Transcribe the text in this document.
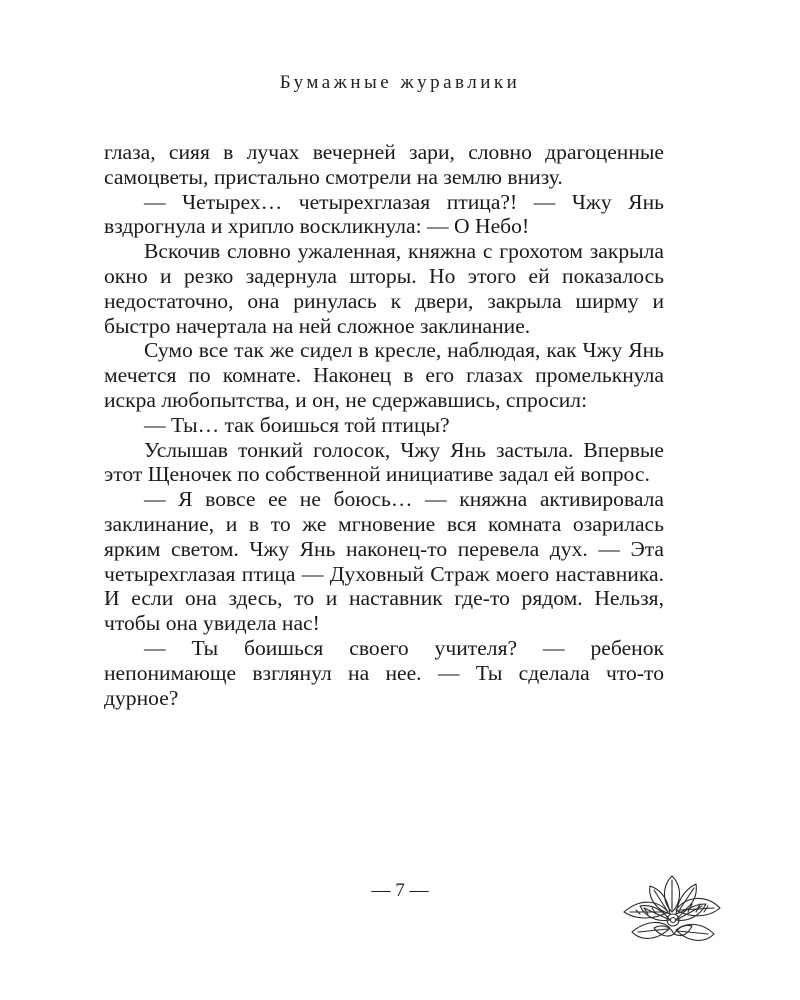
Бумажные журавлики

глаза, сияя в лучах вечерней зари, словно драгоценные самоцветы, пристально смотрели на землю внизу.

— Четырех… четырехглазая птица?! — Чжу Янь вздрогнула и хрипло воскликнула: — О Небо!

Вскочив словно ужаленная, княжна с грохотом закрыла окно и резко задернула шторы. Но этого ей показалось недостаточно, она ринулась к двери, закрыла ширму и быстро начертала на ней сложное заклинание.

Сумо все так же сидел в кресле, наблюдая, как Чжу Янь мечется по комнате. Наконец в его глазах промелькнула искра любопытства, и он, не сдержавшись, спросил:

— Ты… так боишься той птицы?

Услышав тонкий голосок, Чжу Янь застыла. Впервые этот Щеночек по собственной инициативе задал ей вопрос.

— Я вовсе ее не боюсь… — княжна активировала заклинание, и в то же мгновение вся комната озарилась ярким светом. Чжу Янь наконец-то перевела дух. — Эта четырехглазая птица — Духовный Страж моего наставника. И если она здесь, то и наставник где-то рядом. Нельзя, чтобы она увидела нас!

— Ты боишься своего учителя? — ребенок непонимающе взглянул на нее. — Ты сделала что-то дурное?

— 7 —
